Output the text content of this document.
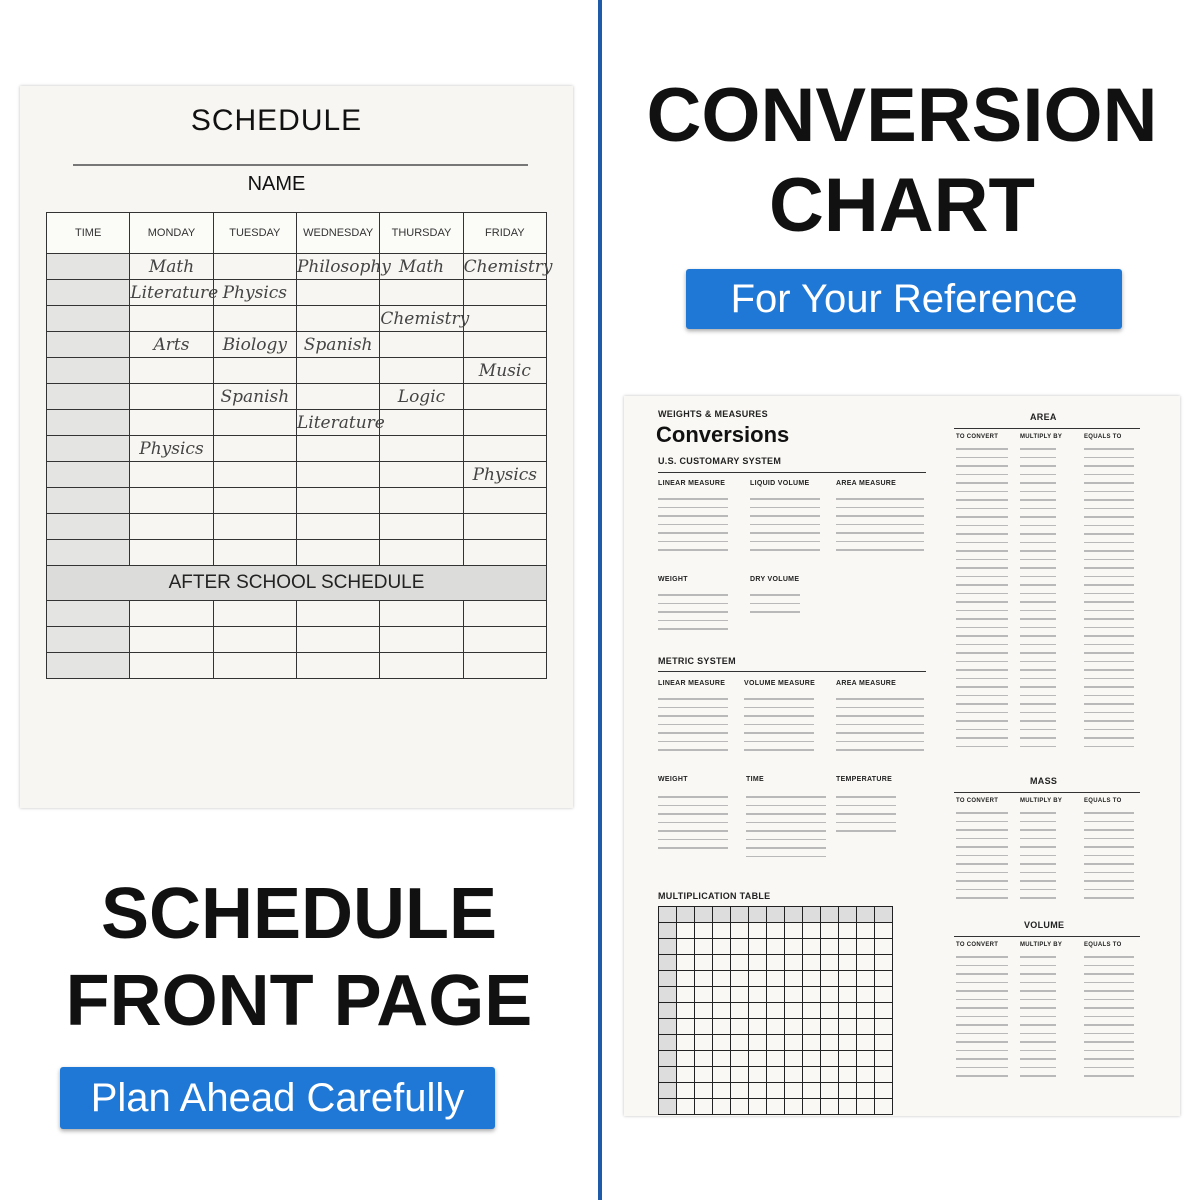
SCHEDULE
NAME
TIME	MONDAY	TUESDAY	WEDNESDAY	THURSDAY	FRIDAY
	Math		Philosophy	Math	Chemistry
	Literature	Physics			
				Chemistry	
	Arts	Biology	Spanish		
					Music
		Spanish		Logic	
			Literature		
	Physics				
					Physics

AFTER SCHOOL SCHEDULE					

SCHEDULE
FRONT PAGE
Plan Ahead Carefully
CONVERSION
CHART
For Your Reference
WEIGHTS & MEASURES
Conversions
U.S. CUSTOMARY SYSTEM
LINEAR MEASURE	LIQUID VOLUME	AREA MEASURE
WEIGHT	DRY VOLUME
METRIC SYSTEM
LINEAR MEASURE	VOLUME MEASURE	AREA MEASURE
WEIGHT	TIME	TEMPERATURE
MULTIPLICATION TABLE

AREA
TO CONVERT	MULTIPLY BY	EQUALS TO
MASS
TO CONVERT	MULTIPLY BY	EQUALS TO
VOLUME
TO CONVERT	MULTIPLY BY	EQUALS TO
